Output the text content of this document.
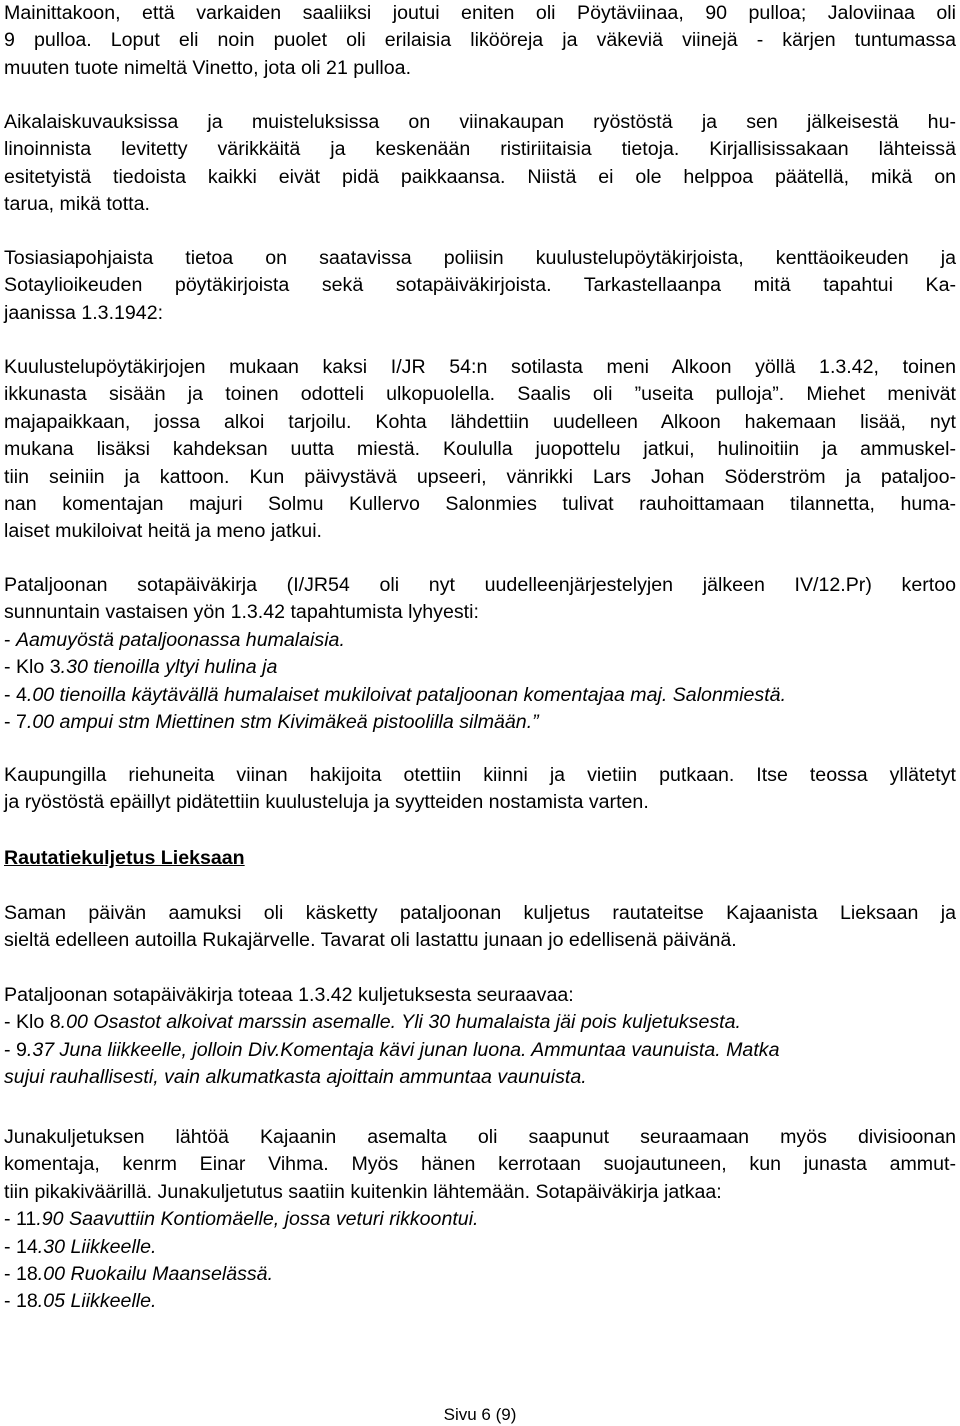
Mainittakoon, että varkaiden saaliiksi joutui eniten oli Pöytäviinaa, 90 pulloa; Jaloviinaa oli
9 pulloa. Loput eli noin puolet oli erilaisia likööreja ja väkeviä viinejä - kärjen tuntumassa
muuten tuote nimeltä Vinetto, jota oli 21 pulloa.
Aikalaiskuvauksissa ja muisteluksissa on viinakaupan ryöstöstä ja sen jälkeisestä hu-
linoinnista levitetty värikkäitä ja keskenään ristiriitaisia tietoja. Kirjallisissakaan lähteissä
esitetyistä tiedoista kaikki eivät pidä paikkaansa. Niistä ei ole helppoa päätellä, mikä on
tarua, mikä totta.
Tosiasiapohjaista tietoa on saatavissa poliisin kuulustelupöytäkirjoista, kenttäoikeuden ja
Sotaylioikeuden pöytäkirjoista sekä sotapäiväkirjoista. Tarkastellaanpa mitä tapahtui Ka-
jaanissa 1.3.1942:
Kuulustelupöytäkirjojen mukaan kaksi I/JR 54:n sotilasta meni Alkoon yöllä 1.3.42, toinen
ikkunasta sisään ja toinen odotteli ulkopuolella. Saalis oli ”useita pulloja”. Miehet menivät
majapaikkaan, jossa alkoi tarjoilu. Kohta lähdettiin uudelleen Alkoon hakemaan lisää, nyt
mukana lisäksi kahdeksan uutta miestä. Koululla juopottelu jatkui, hulinoitiin ja ammuskel-
tiin seiniin ja kattoon. Kun päivystävä upseeri, vänrikki Lars Johan Söderström ja pataljoo-
nan komentajan majuri Solmu Kullervo Salonmies tulivat rauhoittamaan tilannetta, huma-
laiset mukiloivat heitä ja meno jatkui.
Pataljoonan sotapäiväkirja (I/JR54 oli nyt uudelleenjärjestelyjen jälkeen IV/12.Pr) kertoo
sunnuntain vastaisen yön 1.3.42 tapahtumista lyhyesti:
- Aamuyöstä pataljoonassa humalaisia.
- Klo 3.30 tienoilla yltyi hulina ja
- 4.00 tienoilla käytävällä humalaiset mukiloivat pataljoonan komentajaa maj. Salonmiestä.
- 7.00 ampui stm Miettinen stm Kivimäkeä pistoolilla silmään.”
Kaupungilla riehuneita viinan hakijoita otettiin kiinni ja vietiin putkaan. Itse teossa yllätetyt
ja ryöstöstä epäillyt pidätettiin kuulusteluja ja syytteiden nostamista varten.
Rautatiekuljetus Lieksaan
Saman päivän aamuksi oli käsketty pataljoonan kuljetus rautateitse Kajaanista Lieksaan ja
sieltä edelleen autoilla Rukajärvelle. Tavarat oli lastattu junaan jo edellisenä päivänä.
Pataljoonan sotapäiväkirja toteaa 1.3.42 kuljetuksesta seuraavaa:
- Klo 8.00 Osastot alkoivat marssin asemalle. Yli 30 humalaista jäi pois kuljetuksesta.
- 9.37 Juna liikkeelle, jolloin Div.Komentaja kävi junan luona. Ammuntaa vaunuista. Matka
sujui rauhallisesti, vain alkumatkasta ajoittain ammuntaa vaunuista.
Junakuljetuksen lähtöä Kajaanin asemalta oli saapunut seuraamaan myös divisioonan
komentaja, kenrm Einar Vihma. Myös hänen kerrotaan suojautuneen, kun junasta ammut-
tiin pikakiväärillä. Junakuljetutus saatiin kuitenkin lähtemään. Sotapäiväkirja jatkaa:
- 11.90 Saavuttiin Kontiomäelle, jossa veturi rikkoontui.
- 14.30 Liikkeelle.
- 18.00 Ruokailu Maanselässä.
- 18.05 Liikkeelle.
Sivu 6 (9)
